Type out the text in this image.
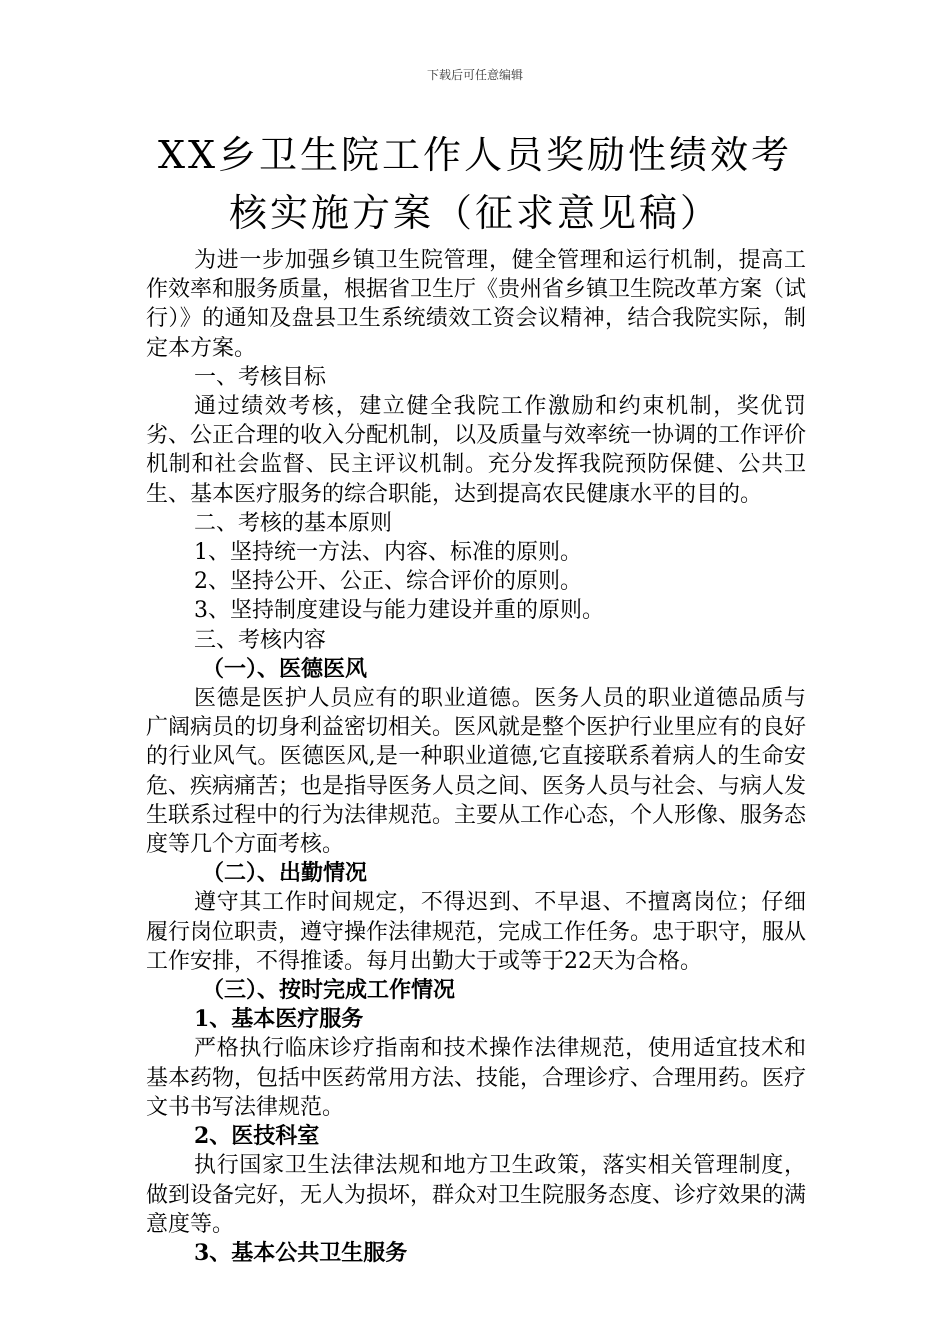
下载后可任意编辑
XX乡卫生院工作人员奖励性绩效考核实施方案（征求意见稿）

为进一步加强乡镇卫生院管理，健全管理和运行机制，提高工作效率和服务质量，根据省卫生厅《贵州省乡镇卫生院改革方案（试行）》的通知及盘县卫生系统绩效工资会议精神，结合我院实际，制定本方案。

一、考核目标

通过绩效考核，建立健全我院工作激励和约束机制，奖优罚劣、公正合理的收入分配机制，以及质量与效率统一协调的工作评价机制和社会监督、民主评议机制。充分发挥我院预防保健、公共卫生、基本医疗服务的综合职能，达到提高农民健康水平的目的。

二、考核的基本原则

1、坚持统一方法、内容、标准的原则。

2、坚持公开、公正、综合评价的原则。

3、坚持制度建设与能力建设并重的原则。

三、考核内容

（一）、医德医风

医德是医护人员应有的职业道德。医务人员的职业道德品质与广阔病员的切身利益密切相关。医风就是整个医护行业里应有的良好的行业风气。医德医风,是一种职业道德,它直接联系着病人的生命安危、疾病痛苦；也是指导医务人员之间、医务人员与社会、与病人发生联系过程中的行为法律规范。主要从工作心态，个人形像、服务态度等几个方面考核。

（二）、出勤情况

遵守其工作时间规定，不得迟到、不早退、不擅离岗位；仔细履行岗位职责，遵守操作法律规范，完成工作任务。忠于职守，服从工作安排，不得推诿。每月出勤大于或等于22天为合格。

（三）、按时完成工作情况

1、基本医疗服务

严格执行临床诊疗指南和技术操作法律规范，使用适宜技术和基本药物，包括中医药常用方法、技能，合理诊疗、合理用药。医疗文书书写法律规范。

2、医技科室

执行国家卫生法律法规和地方卫生政策，落实相关管理制度，做到设备完好，无人为损坏，群众对卫生院服务态度、诊疗效果的满意度等。

3、基本公共卫生服务
